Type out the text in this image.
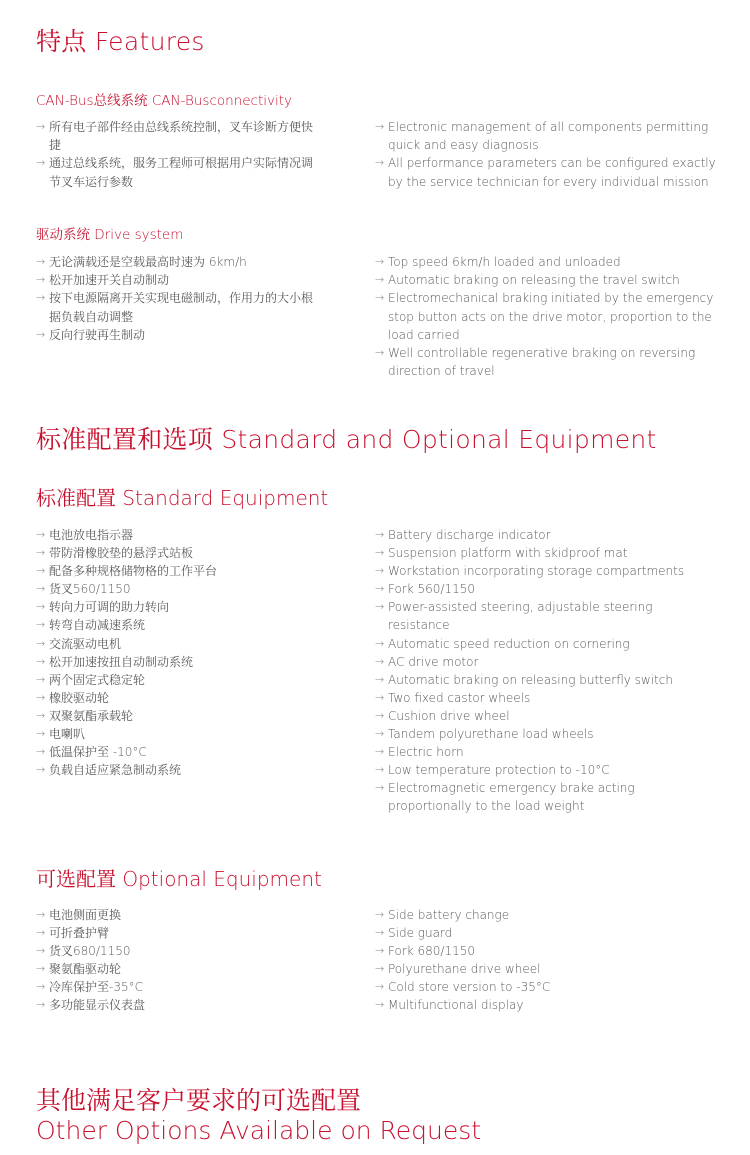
特点 Features
CAN-Bus总线系统 CAN-Busconnectivity
→ 所有电子部件经由总线系统控制，叉车诊断方便快捷
→ 通过总线系统，服务工程师可根据用户实际情况调节叉车运行参数
→ Electronic management of all components permitting quick and easy diagnosis
→ All performance parameters can be configured exactly by the service technician for every individual mission
驱动系统 Drive system
→ 无论满载还是空载最高时速为 6km/h
→ 松开加速开关自动制动
→ 按下电源隔离开关实现电磁制动，作用力的大小根据负载自动调整
→ 反向行驶再生制动
→ Top speed 6km/h loaded and unloaded
→ Automatic braking on releasing the travel switch
→ Electromechanical braking initiated by the emergency stop button acts on the drive motor, proportion to the load carried
→ Well controllable regenerative braking on reversing direction of travel
标准配置和选项 Standard and Optional Equipment
标准配置 Standard Equipment
→ 电池放电指示器
→ 带防滑橡胶垫的悬浮式站板
→ 配备多种规格储物格的工作平台
→ 货叉560/1150
→ 转向力可调的助力转向
→ 转弯自动减速系统
→ 交流驱动电机
→ 松开加速按扭自动制动系统
→ 两个固定式稳定轮
→ 橡胶驱动轮
→ 双聚氨酯承载轮
→ 电喇叭
→ 低温保护至 -10°C
→ 负载自适应紧急制动系统
→ Battery discharge indicator
→ Suspension platform with skidproof mat
→ Workstation incorporating storage compartments
→ Fork 560/1150
→ Power-assisted steering, adjustable steering resistance
→ Automatic speed reduction on cornering
→ AC drive motor
→ Automatic braking on releasing butterfly switch
→ Two fixed castor wheels
→ Cushion drive wheel
→ Tandem polyurethane load wheels
→ Electric horn
→ Low temperature protection to -10°C
→ Electromagnetic emergency brake acting proportionally to the load weight
可选配置 Optional Equipment
→ 电池侧面更换
→ 可折叠护臂
→ 货叉680/1150
→ 聚氨酯驱动轮
→ 冷库保护至-35°C
→ 多功能显示仪表盘
→ Side battery change
→ Side guard
→ Fork 680/1150
→ Polyurethane drive wheel
→ Cold store version to -35°C
→ Multifunctional display
其他满足客户要求的可选配置
Other Options Available on Request
